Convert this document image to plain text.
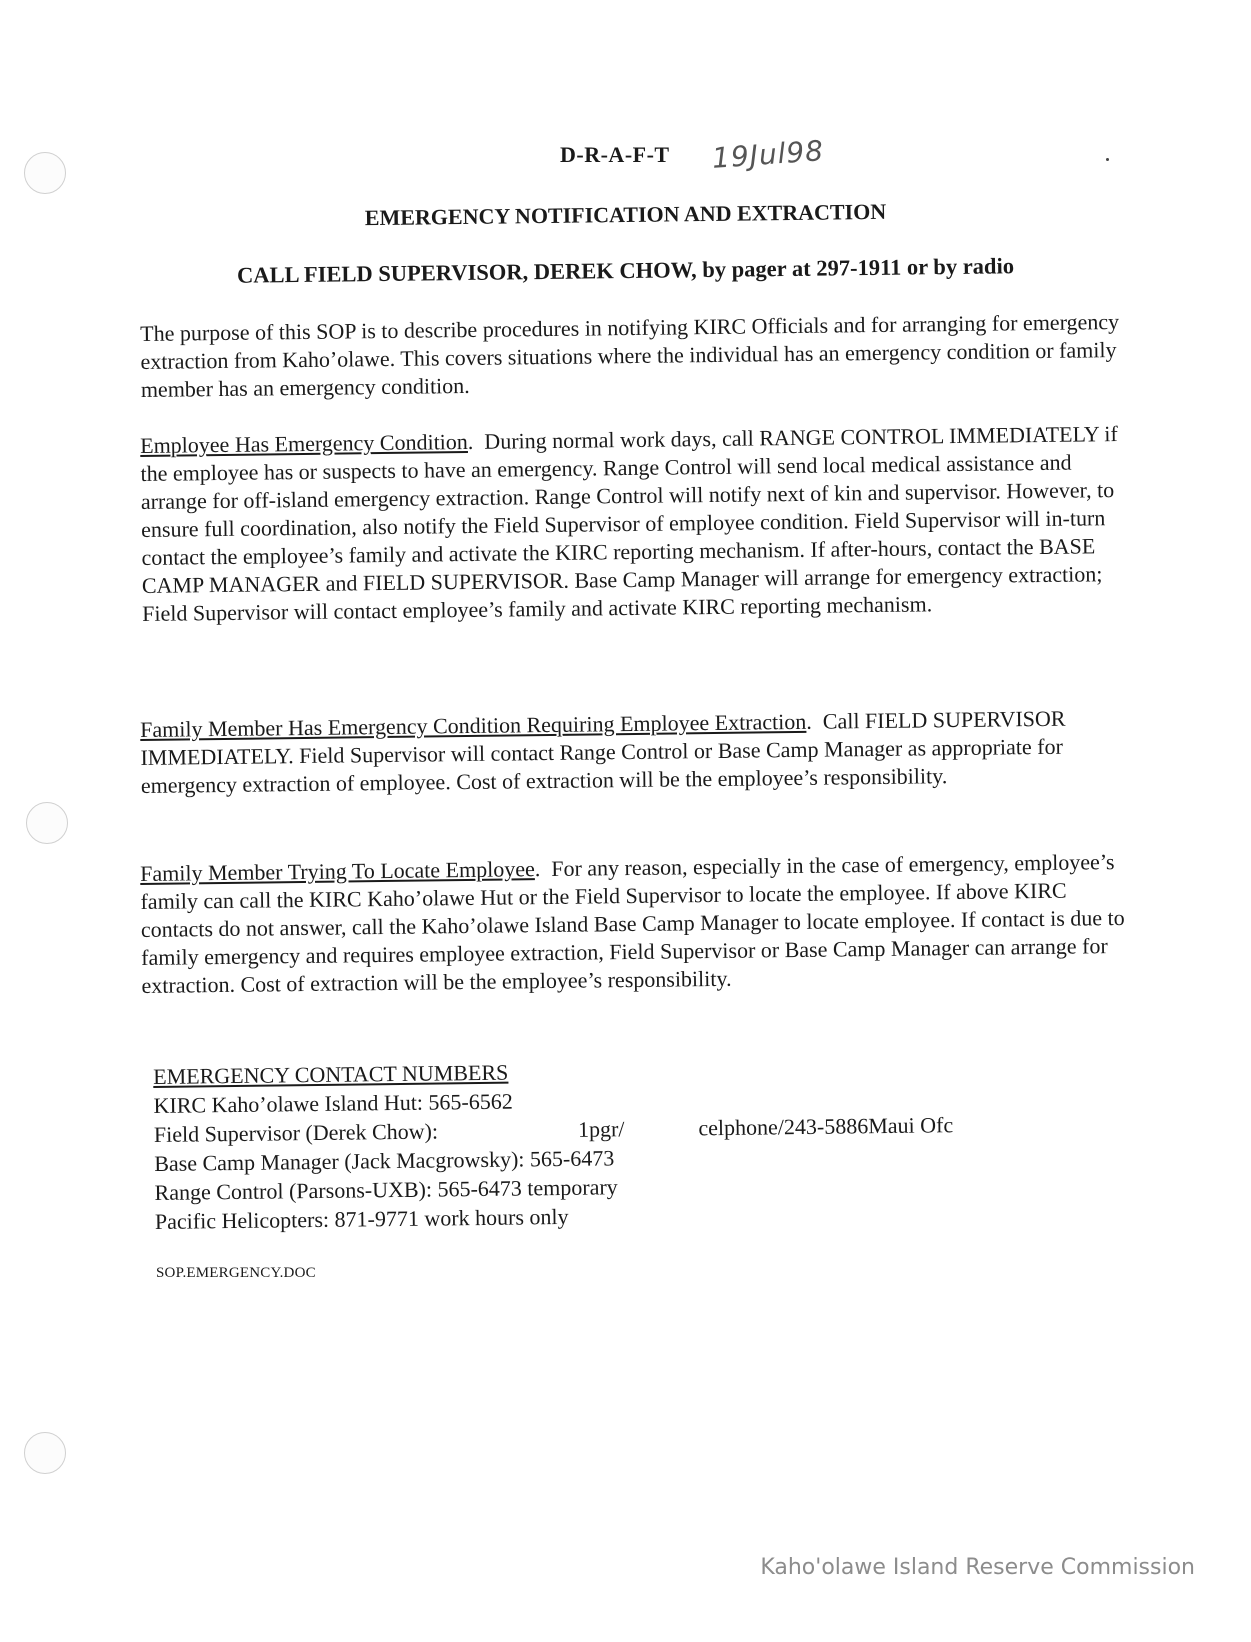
D-R-A-F-T 19Jul98
EMERGENCY NOTIFICATION AND EXTRACTION
CALL FIELD SUPERVISOR, DEREK CHOW, by pager at 297-1911 or by radio
The purpose of this SOP is to describe procedures in notifying KIRC Officials and for arranging for emergency extraction from Kaho’olawe. This covers situations where the individual has an emergency condition or family member has an emergency condition.
Employee Has Emergency Condition.  During normal work days, call RANGE CONTROL IMMEDIATELY if the employee has or suspects to have an emergency. Range Control will send local medical assistance and arrange for off-island emergency extraction. Range Control will notify next of kin and supervisor. However, to ensure full coordination, also notify the Field Supervisor of employee condition. Field Supervisor will in-turn contact the employee’s family and activate the KIRC reporting mechanism. If after-hours, contact the BASE CAMP MANAGER and FIELD SUPERVISOR. Base Camp Manager will arrange for emergency extraction; Field Supervisor will contact employee’s family and activate KIRC reporting mechanism.
Family Member Has Emergency Condition Requiring Employee Extraction.  Call FIELD SUPERVISOR IMMEDIATELY. Field Supervisor will contact Range Control or Base Camp Manager as appropriate for emergency extraction of employee. Cost of extraction will be the employee’s responsibility.
Family Member Trying To Locate Employee.  For any reason, especially in the case of emergency, employee’s family can call the KIRC Kaho’olawe Hut or the Field Supervisor to locate the employee. If above KIRC contacts do not answer, call the Kaho’olawe Island Base Camp Manager to locate employee. If contact is due to family emergency and requires employee extraction, Field Supervisor or Base Camp Manager can arrange for extraction. Cost of extraction will be the employee’s responsibility.
EMERGENCY CONTACT NUMBERS
KIRC Kaho’olawe Island Hut: 565-6562
Field Supervisor (Derek Chow):	1pgr/	celphone/243-5886Maui Ofc
Base Camp Manager (Jack Macgrowsky): 565-6473
Range Control (Parsons-UXB): 565-6473 temporary
Pacific Helicopters: 871-9771 work hours only
SOP.EMERGENCY.DOC
Kaho'olawe Island Reserve Commission
